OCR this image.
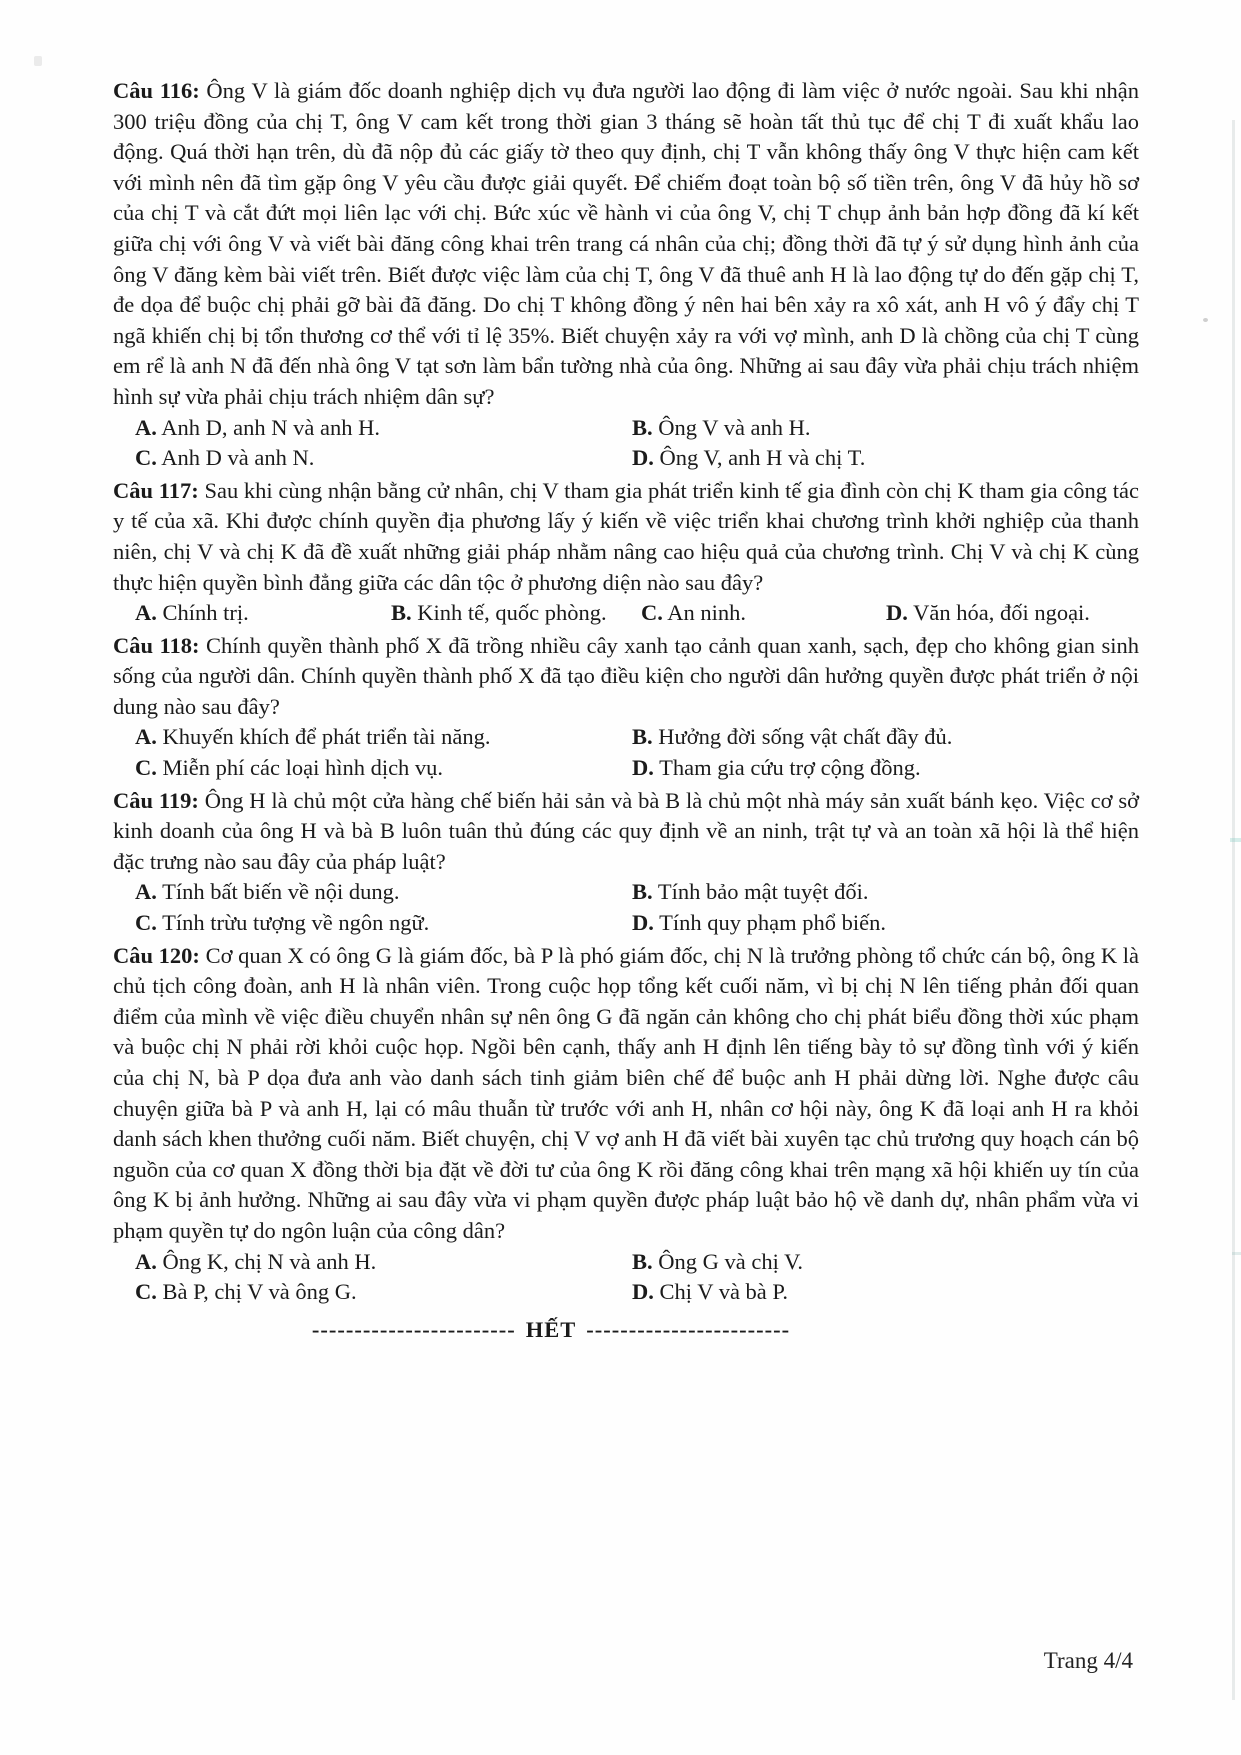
Câu 116: Ông V là giám đốc doanh nghiệp dịch vụ đưa người lao động đi làm việc ở nước ngoài. Sau khi nhận 300 triệu đồng của chị T, ông V cam kết trong thời gian 3 tháng sẽ hoàn tất thủ tục để chị T đi xuất khẩu lao động. Quá thời hạn trên, dù đã nộp đủ các giấy tờ theo quy định, chị T vẫn không thấy ông V thực hiện cam kết với mình nên đã tìm gặp ông V yêu cầu được giải quyết. Để chiếm đoạt toàn bộ số tiền trên, ông V đã hủy hồ sơ của chị T và cắt đứt mọi liên lạc với chị. Bức xúc về hành vi của ông V, chị T chụp ảnh bản hợp đồng đã kí kết giữa chị với ông V và viết bài đăng công khai trên trang cá nhân của chị; đồng thời đã tự ý sử dụng hình ảnh của ông V đăng kèm bài viết trên. Biết được việc làm của chị T, ông V đã thuê anh H là lao động tự do đến gặp chị T, đe dọa để buộc chị phải gỡ bài đã đăng. Do chị T không đồng ý nên hai bên xảy ra xô xát, anh H vô ý đẩy chị T ngã khiến chị bị tổn thương cơ thể với tỉ lệ 35%. Biết chuyện xảy ra với vợ mình, anh D là chồng của chị T cùng em rể là anh N đã đến nhà ông V tạt sơn làm bẩn tường nhà của ông. Những ai sau đây vừa phải chịu trách nhiệm hình sự vừa phải chịu trách nhiệm dân sự?

A. Anh D, anh N và anh H.	B. Ông V và anh H.
C. Anh D và anh N.	D. Ông V, anh H và chị T.

Câu 117: Sau khi cùng nhận bằng cử nhân, chị V tham gia phát triển kinh tế gia đình còn chị K tham gia công tác y tế của xã. Khi được chính quyền địa phương lấy ý kiến về việc triển khai chương trình khởi nghiệp của thanh niên, chị V và chị K đã đề xuất những giải pháp nhằm nâng cao hiệu quả của chương trình. Chị V và chị K cùng thực hiện quyền bình đẳng giữa các dân tộc ở phương diện nào sau đây?

A. Chính trị.	B. Kinh tế, quốc phòng.	C. An ninh.	D. Văn hóa, đối ngoại.

Câu 118: Chính quyền thành phố X đã trồng nhiều cây xanh tạo cảnh quan xanh, sạch, đẹp cho không gian sinh sống của người dân. Chính quyền thành phố X đã tạo điều kiện cho người dân hưởng quyền được phát triển ở nội dung nào sau đây?

A. Khuyến khích để phát triển tài năng.	B. Hưởng đời sống vật chất đầy đủ.
C. Miễn phí các loại hình dịch vụ.	D. Tham gia cứu trợ cộng đồng.

Câu 119: Ông H là chủ một cửa hàng chế biến hải sản và bà B là chủ một nhà máy sản xuất bánh kẹo. Việc cơ sở kinh doanh của ông H và bà B luôn tuân thủ đúng các quy định về an ninh, trật tự và an toàn xã hội là thể hiện đặc trưng nào sau đây của pháp luật?

A. Tính bất biến về nội dung.	B. Tính bảo mật tuyệt đối.
C. Tính trừu tượng về ngôn ngữ.	D. Tính quy phạm phổ biến.

Câu 120: Cơ quan X có ông G là giám đốc, bà P là phó giám đốc, chị N là trưởng phòng tổ chức cán bộ, ông K là chủ tịch công đoàn, anh H là nhân viên. Trong cuộc họp tổng kết cuối năm, vì bị chị N lên tiếng phản đối quan điểm của mình về việc điều chuyển nhân sự nên ông G đã ngăn cản không cho chị phát biểu đồng thời xúc phạm và buộc chị N phải rời khỏi cuộc họp. Ngồi bên cạnh, thấy anh H định lên tiếng bày tỏ sự đồng tình với ý kiến của chị N, bà P dọa đưa anh vào danh sách tinh giảm biên chế để buộc anh H phải dừng lời. Nghe được câu chuyện giữa bà P và anh H, lại có mâu thuẫn từ trước với anh H, nhân cơ hội này, ông K đã loại anh H ra khỏi danh sách khen thưởng cuối năm. Biết chuyện, chị V vợ anh H đã viết bài xuyên tạc chủ trương quy hoạch cán bộ nguồn của cơ quan X đồng thời bịa đặt về đời tư của ông K rồi đăng công khai trên mạng xã hội khiến uy tín của ông K bị ảnh hưởng. Những ai sau đây vừa vi phạm quyền được pháp luật bảo hộ về danh dự, nhân phẩm vừa vi phạm quyền tự do ngôn luận của công dân?

A. Ông K, chị N và anh H.	B. Ông G và chị V.
C. Bà P, chị V và ông G.	D. Chị V và bà P.
------------------------ HẾT ------------------------
Trang 4/4
